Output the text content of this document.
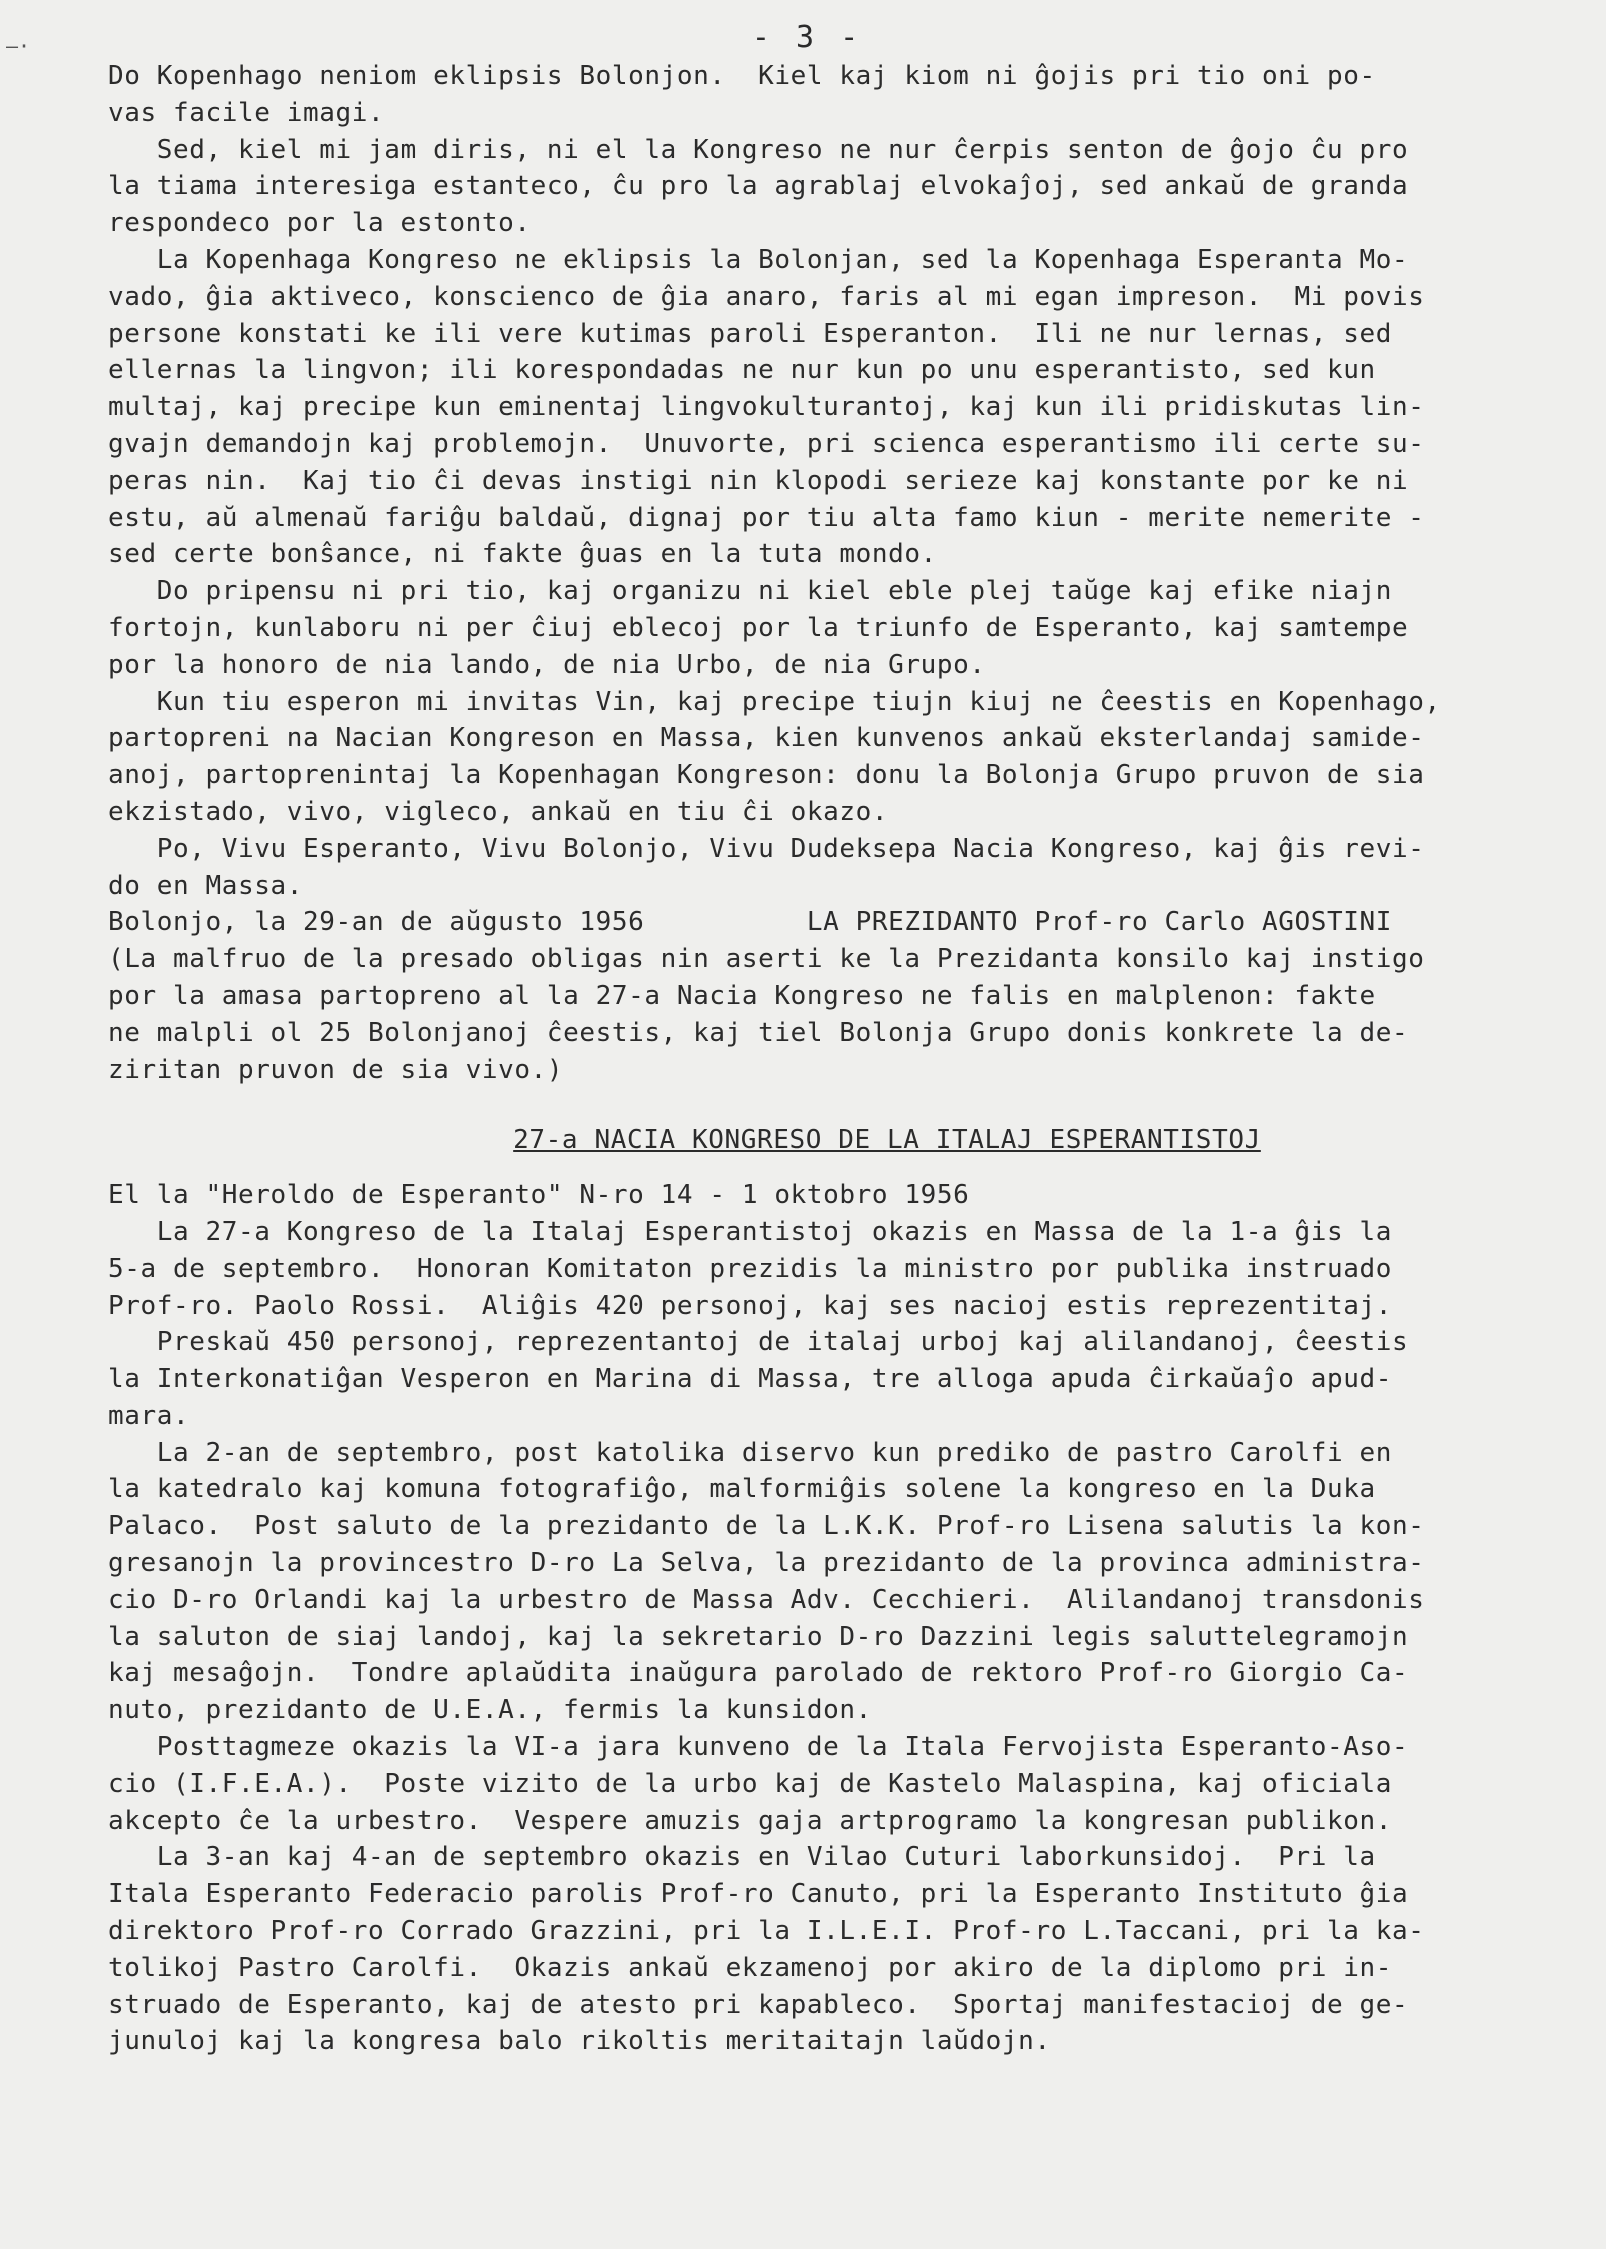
—·	- 3 -

Do Kopenhago neniom eklipsis Bolonjon.  Kiel kaj kiom ni ĝojis pri tio oni po-

vas facile imagi.

Sed, kiel mi jam diris, ni el la Kongreso ne nur ĉerpis senton de ĝojo ĉu pro

la tiama interesiga estanteco, ĉu pro la agrablaj elvokaĵoj, sed ankaŭ de granda

respondeco por la estonto.

La Kopenhaga Kongreso ne eklipsis la Bolonjan, sed la Kopenhaga Esperanta Mo-

vado, ĝia aktiveco, konscienco de ĝia anaro, faris al mi egan impreson.  Mi povis

persone konstati ke ili vere kutimas paroli Esperanton.  Ili ne nur lernas, sed

ellernas la lingvon; ili korespondadas ne nur kun po unu esperantisto, sed kun

multaj, kaj precipe kun eminentaj lingvokulturantoj, kaj kun ili pridiskutas lin-

gvajn demandojn kaj problemojn.  Unuvorte, pri scienca esperantismo ili certe su-

peras nin.  Kaj tio ĉi devas instigi nin klopodi serieze kaj konstante por ke ni

estu, aŭ almenaŭ fariĝu baldaŭ, dignaj por tiu alta famo kiun - merite nemerite -

sed certe bonŝance, ni fakte ĝuas en la tuta mondo.

Do pripensu ni pri tio, kaj organizu ni kiel eble plej taŭge kaj efike niajn

fortojn, kunlaboru ni per ĉiuj eblecoj por la triunfo de Esperanto, kaj samtempe

por la honoro de nia lando, de nia Urbo, de nia Grupo.

Kun tiu esperon mi invitas Vin, kaj precipe tiujn kiuj ne ĉeestis en Kopenhago,

partopreni na Nacian Kongreson en Massa, kien kunvenos ankaŭ eksterlandaj samide-

anoj, partoprenintaj la Kopenhagan Kongreson: donu la Bolonja Grupo pruvon de sia

ekzistado, vivo, vigleco, ankaŭ en tiu ĉi okazo.

Po, Vivu Esperanto, Vivu Bolonjo, Vivu Dudeksepa Nacia Kongreso, kaj ĝis revi-

do en Massa.

Bolonjo, la 29-an de aŭgusto 1956          LA PREZIDANTO Prof-ro Carlo AGOSTINI

(La malfruo de la presado obligas nin aserti ke la Prezidanta konsilo kaj instigo

por la amasa partopreno al la 27-a Nacia Kongreso ne falis en malplenon: fakte

ne malpli ol 25 Bolonjanoj ĉeestis, kaj tiel Bolonja Grupo donis konkrete la de-

ziritan pruvon de sia vivo.)

27-a NACIA KONGRESO DE LA ITALAJ ESPERANTISTOJ

El la "Heroldo de Esperanto" N-ro 14 - 1 oktobro 1956

La 27-a Kongreso de la Italaj Esperantistoj okazis en Massa de la 1-a ĝis la

5-a de septembro.  Honoran Komitaton prezidis la ministro por publika instruado

Prof-ro. Paolo Rossi.  Aliĝis 420 personoj, kaj ses nacioj estis reprezentitaj.

Preskaŭ 450 personoj, reprezentantoj de italaj urboj kaj alilandanoj, ĉeestis

la Interkonatiĝan Vesperon en Marina di Massa, tre alloga apuda ĉirkaŭaĵo apud-

mara.

La 2-an de septembro, post katolika diservo kun prediko de pastro Carolfi en

la katedralo kaj komuna fotografiĝo, malformiĝis solene la kongreso en la Duka

Palaco.  Post saluto de la prezidanto de la L.K.K. Prof-ro Lisena salutis la kon-

gresanojn la provincestro D-ro La Selva, la prezidanto de la provinca administra-

cio D-ro Orlandi kaj la urbestro de Massa Adv. Cecchieri.  Alilandanoj transdonis

la saluton de siaj landoj, kaj la sekretario D-ro Dazzini legis saluttelegramojn

kaj mesaĝojn.  Tondre aplaŭdita inaŭgura parolado de rektoro Prof-ro Giorgio Ca-

nuto, prezidanto de U.E.A., fermis la kunsidon.

Posttagmeze okazis la VI-a jara kunveno de la Itala Fervojista Esperanto-Aso-

cio (I.F.E.A.).  Poste vizito de la urbo kaj de Kastelo Malaspina, kaj oficiala

akcepto ĉe la urbestro.  Vespere amuzis gaja artprogramo la kongresan publikon.

La 3-an kaj 4-an de septembro okazis en Vilao Cuturi laborkunsidoj.  Pri la

Itala Esperanto Federacio parolis Prof-ro Canuto, pri la Esperanto Instituto ĝia

direktoro Prof-ro Corrado Grazzini, pri la I.L.E.I. Prof-ro L.Taccani, pri la ka-

tolikoj Pastro Carolfi.  Okazis ankaŭ ekzamenoj por akiro de la diplomo pri in-

struado de Esperanto, kaj de atesto pri kapableco.  Sportaj manifestacioj de ge-

junuloj kaj la kongresa balo rikoltis meritaitajn laŭdojn.
